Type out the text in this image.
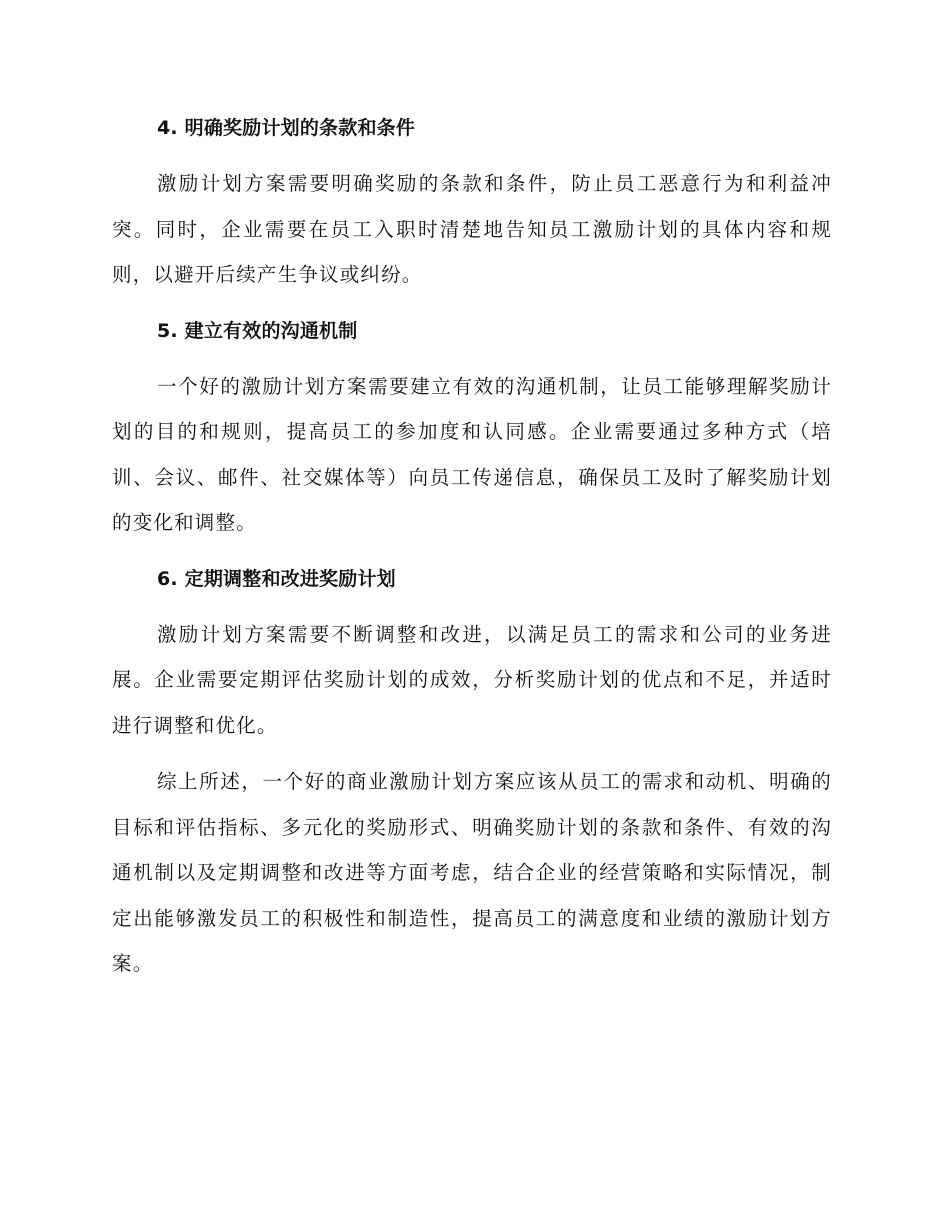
4. 明确奖励计划的条款和条件

激励计划方案需要明确奖励的条款和条件，防止员工恶意行为和利益冲突。同时，企业需要在员工入职时清楚地告知员工激励计划的具体内容和规则，以避开后续产生争议或纠纷。

5. 建立有效的沟通机制

一个好的激励计划方案需要建立有效的沟通机制，让员工能够理解奖励计划的目的和规则，提高员工的参加度和认同感。企业需要通过多种方式（培训、会议、邮件、社交媒体等）向员工传递信息，确保员工及时了解奖励计划的变化和调整。

6. 定期调整和改进奖励计划

激励计划方案需要不断调整和改进，以满足员工的需求和公司的业务进展。企业需要定期评估奖励计划的成效，分析奖励计划的优点和不足，并适时进行调整和优化。

综上所述，一个好的商业激励计划方案应该从员工的需求和动机、明确的目标和评估指标、多元化的奖励形式、明确奖励计划的条款和条件、有效的沟通机制以及定期调整和改进等方面考虑，结合企业的经营策略和实际情况，制定出能够激发员工的积极性和制造性，提高员工的满意度和业绩的激励计划方案。
